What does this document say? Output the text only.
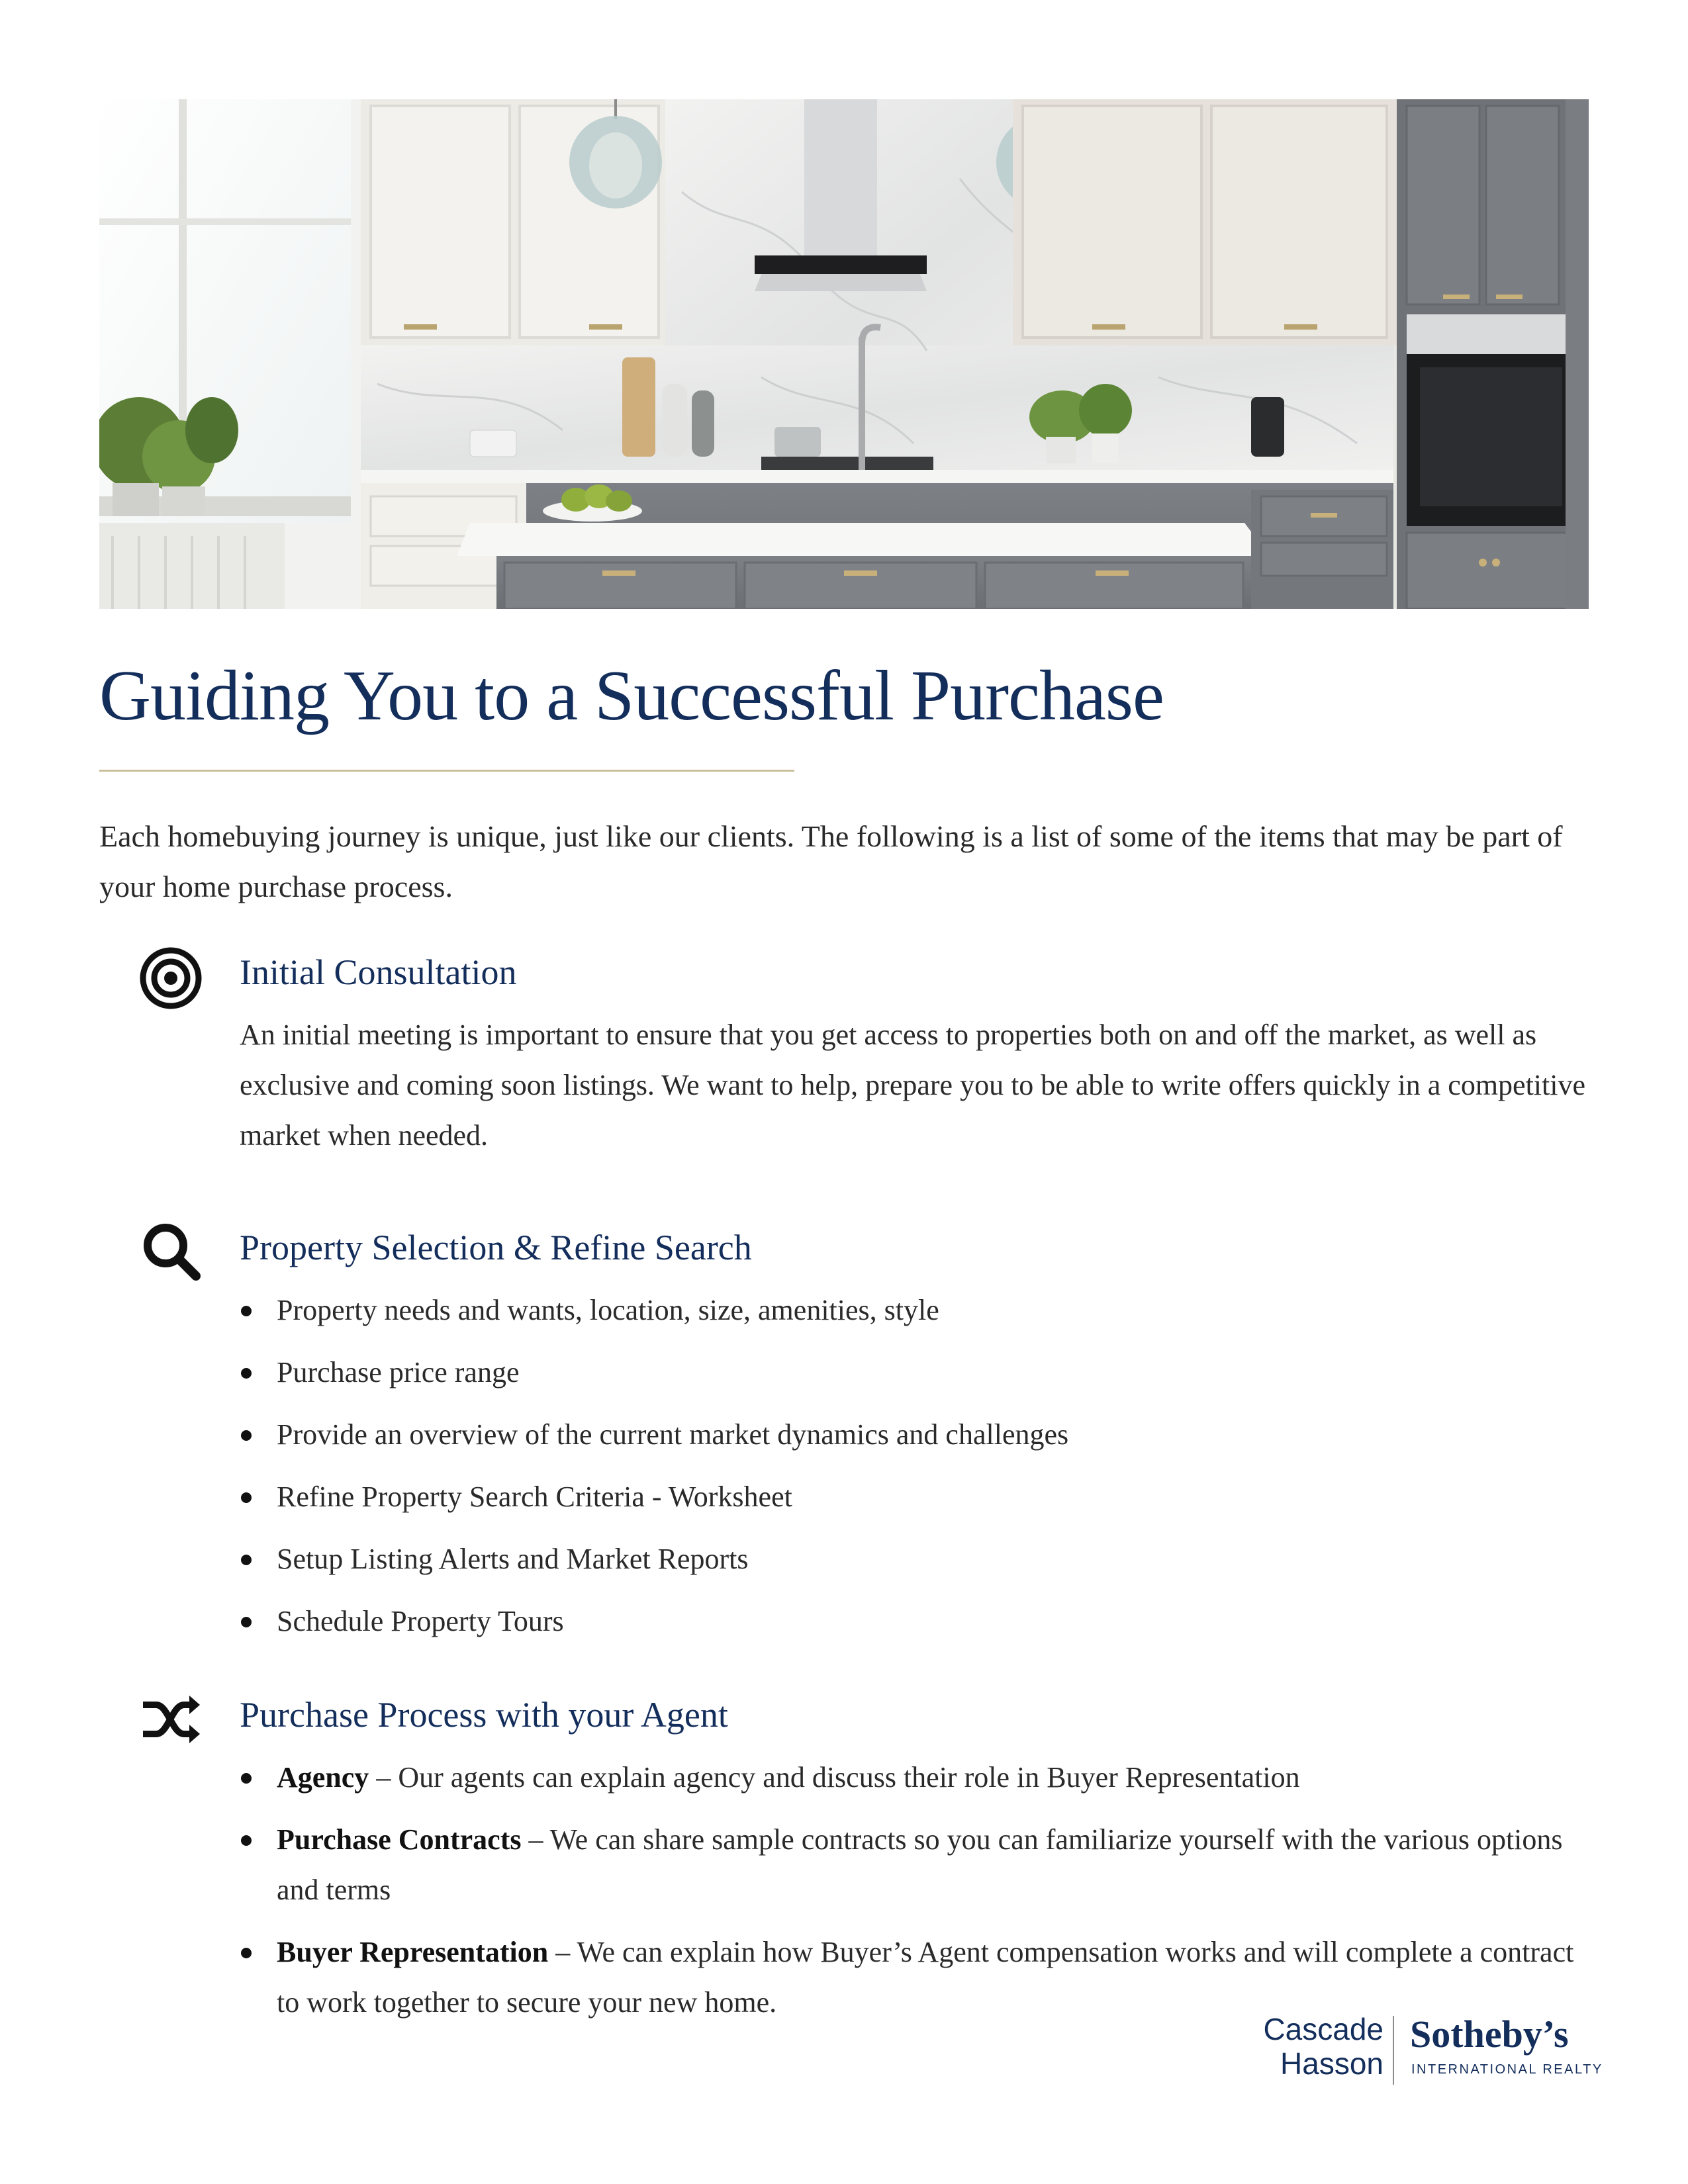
Guiding You to a Successful Purchase

Each homebuying journey is unique, just like our clients. The following is a list of some of the items that may be part of your home purchase process.

Initial Consultation

An initial meeting is important to ensure that you get access to properties both on and off the market, as well as exclusive and coming soon listings. We want to help, prepare you to be able to write offers quickly in a competitive market when needed.

Property Selection & Refine Search
Property needs and wants, location, size, amenities, style
Purchase price range
Provide an overview of the current market dynamics and challenges
Refine Property Search Criteria - Worksheet
Setup Listing Alerts and Market Reports
Schedule Property Tours
Purchase Process with your Agent
Agency – Our agents can explain agency and discuss their role in Buyer Representation
Purchase Contracts – We can share sample contracts so you can familiarize yourself with the various options and terms
Buyer Representation – We can explain how Buyer’s Agent compensation works and will complete a contract to work together to secure your new home.
Cascade
Hasson
Sotheby’s
INTERNATIONAL REALTY
